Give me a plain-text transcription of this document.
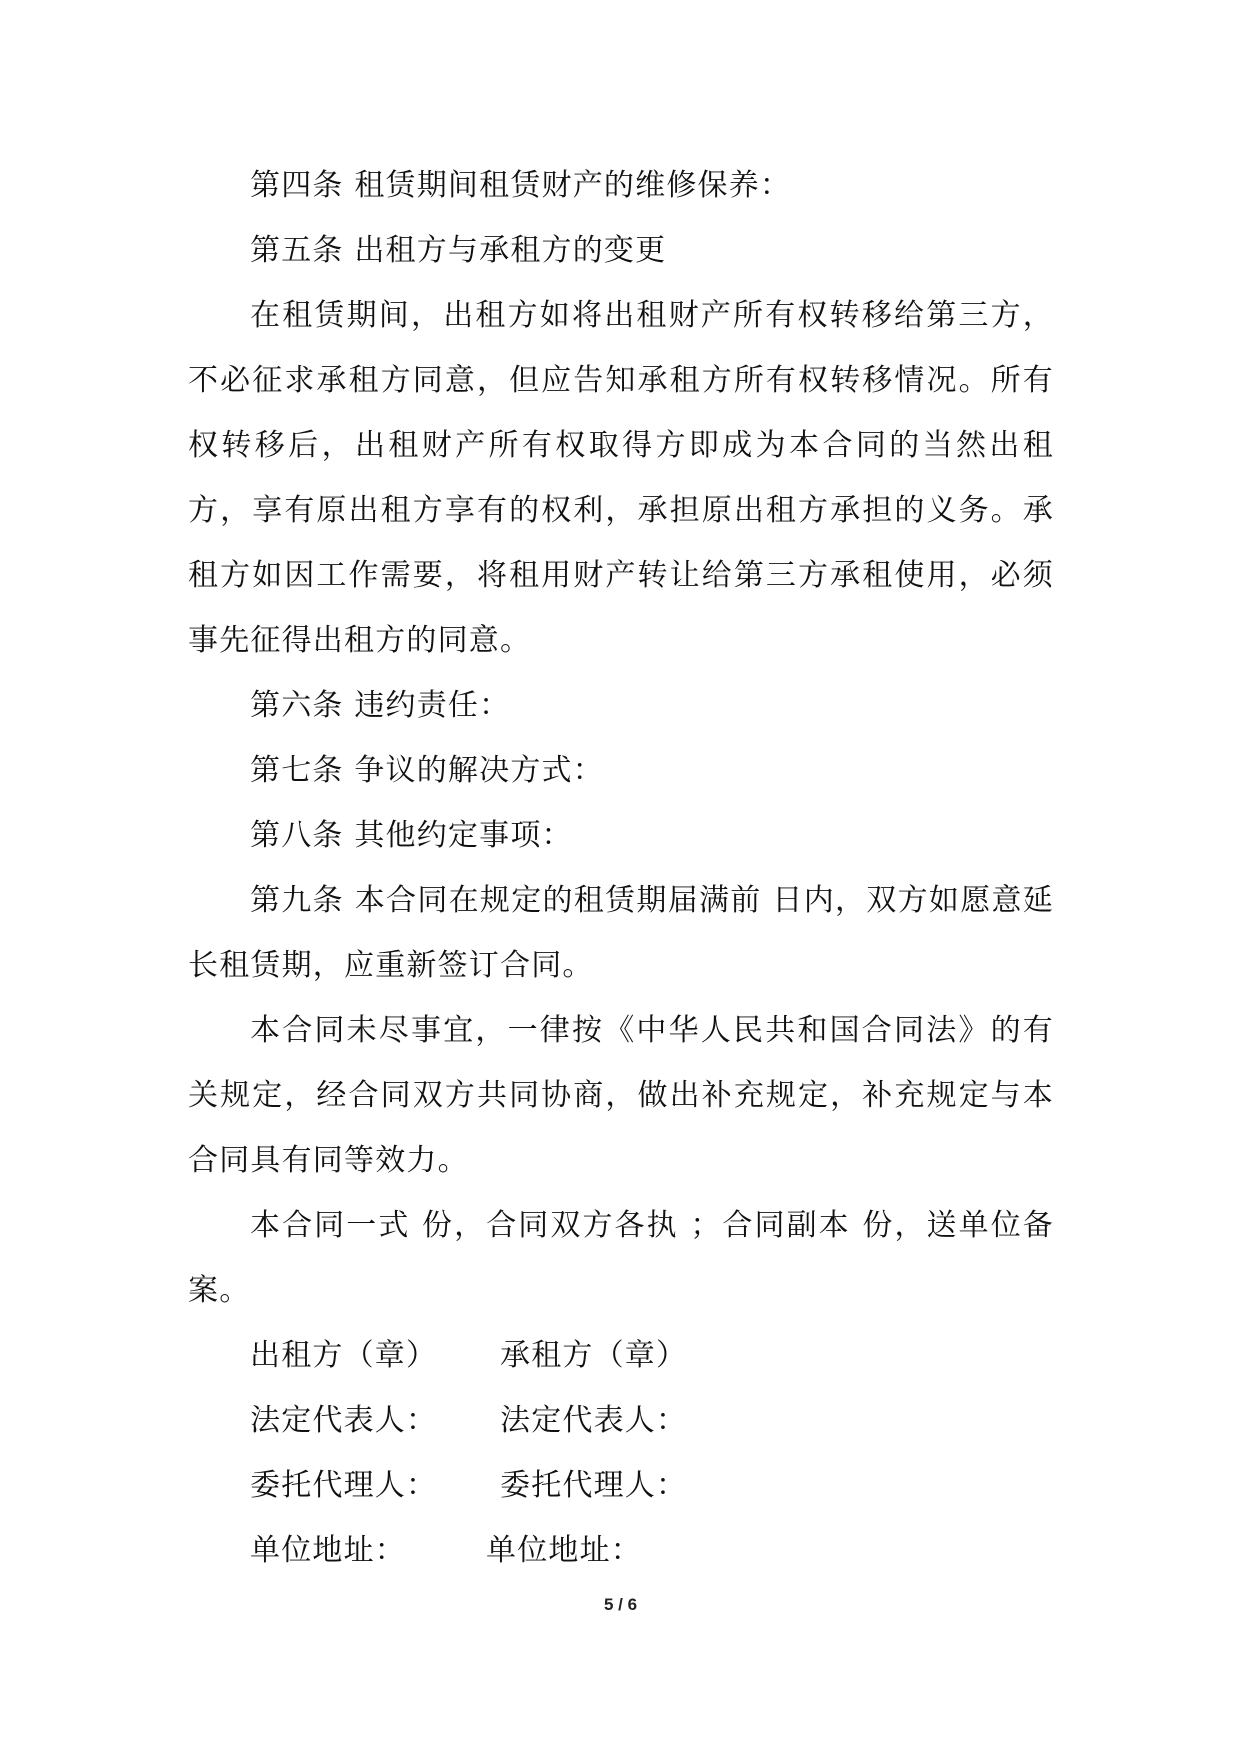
第四条 租赁期间租赁财产的维修保养：

第五条 出租方与承租方的变更

在租赁期间，出租方如将出租财产所有权转移给第三方，不必征求承租方同意，但应告知承租方所有权转移情况。所有权转移后，出租财产所有权取得方即成为本合同的当然出租方，享有原出租方享有的权利，承担原出租方承担的义务。承租方如因工作需要，将租用财产转让给第三方承租使用，必须事先征得出租方的同意。

第六条 违约责任：

第七条 争议的解决方式：

第八条 其他约定事项：

第九条 本合同在规定的租赁期届满前 日内，双方如愿意延长租赁期，应重新签订合同。

本合同未尽事宜，一律按《中华人民共和国合同法》的有关规定，经合同双方共同协商，做出补充规定，补充规定与本合同具有同等效力。

本合同一式 份，合同双方各执 ；合同副本 份，送单位备案。

出租方（章） 承租方（章）
法定代表人： 法定代表人：
委托代理人： 委托代理人：
单位地址：	单位地址：
5 / 6
